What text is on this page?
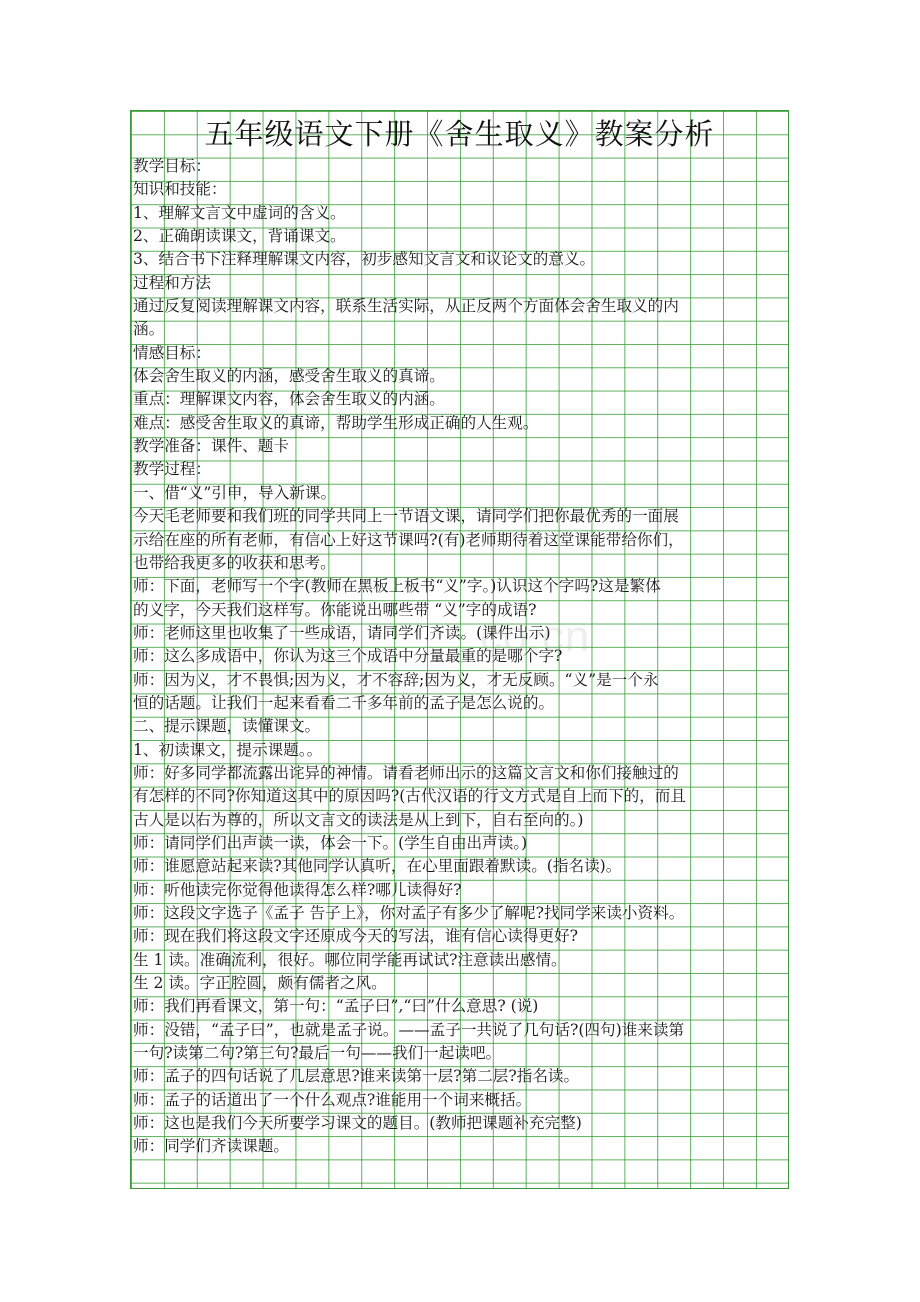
五年级语文下册《舍生取义》教案分析
教学目标：
知识和技能：
1、理解文言文中虚词的含义。
2、正确朗读课文，背诵课文。
3、结合书下注释理解课文内容，初步感知文言文和议论文的意义。
过程和方法
通过反复阅读理解课文内容，联系生活实际，从正反两个方面体会舍生取义的内
涵。
情感目标：
体会舍生取义的内涵，感受舍生取义的真谛。
重点：理解课文内容，体会舍生取义的内涵。
难点：感受舍生取义的真谛，帮助学生形成正确的人生观。
教学准备：课件、题卡
教学过程：
一、借“义”引申，导入新课。
今天毛老师要和我们班的同学共同上一节语文课，请同学们把你最优秀的一面展
示给在座的所有老师，有信心上好这节课吗?(有)老师期待着这堂课能带给你们，
也带给我更多的收获和思考。
师：下面，老师写一个字(教师在黑板上板书“义”字。)认识这个字吗?这是繁体
的义字，今天我们这样写。你能说出哪些带 “义”字的成语?
师：老师这里也收集了一些成语，请同学们齐读。(课件出示)
师：这么多成语中，你认为这三个成语中分量最重的是哪个字?
师：因为义，才不畏惧;因为义，才不容辞;因为义，才无反顾。“义”是一个永
恒的话题。让我们一起来看看二千多年前的孟子是怎么说的。
二、提示课题，读懂课文。
1、初读课文，提示课题。。
师：好多同学都流露出诧异的神情。请看老师出示的这篇文言文和你们接触过的
有怎样的不同?你知道这其中的原因吗?(古代汉语的行文方式是自上而下的，而且
古人是以右为尊的，所以文言文的读法是从上到下，自右至向的。)
师：请同学们出声读一读，体会一下。(学生自由出声读。)
师：谁愿意站起来读?其他同学认真听，在心里面跟着默读。(指名读)。
师：听他读完你觉得他读得怎么样?哪儿读得好?
师：这段文字选子《孟子 告子上》，你对孟子有多少了解呢?找同学来读小资料。
师：现在我们将这段文字还原成今天的写法，谁有信心读得更好?
生 1 读。准确流利，很好。哪位同学能再试试?注意读出感情。
生 2 读。字正腔圆，颇有儒者之风。
师：我们再看课文，第一句：“孟子曰”,“曰”什么意思? (说)
师：没错，“孟子曰”，也就是孟子说。——孟子一共说了几句话?(四句)谁来读第
一句?读第二句?第三句?最后一句——我们一起读吧。
师：孟子的四句话说了几层意思?谁来读第一层?第二层?指名读。
师：孟子的话道出了一个什么观点?谁能用一个词来概括。
师：这也是我们今天所要学习课文的题目。(教师把课题补充完整)
师：同学们齐读课题。
co.cn
